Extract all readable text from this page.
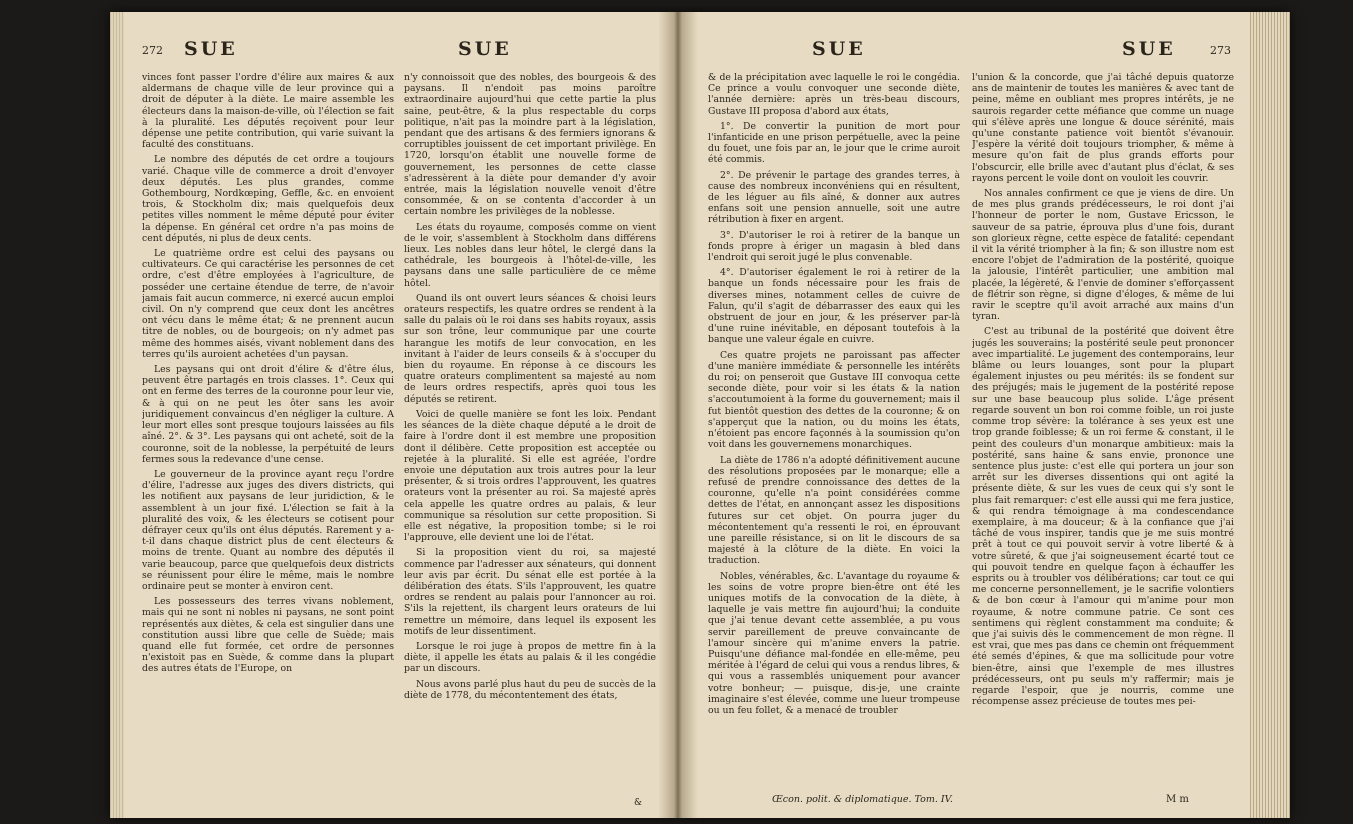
272 SUE	SUE

vinces font passer l'ordre d'élire aux maires & aux aldermans de chaque ville de leur province qui a droit de députer à la diète. Le maire assemble les électeurs dans la maison-de-ville, où l'élection se fait à la pluralité. Les députés reçoivent pour leur dépense une petite contribution, qui varie suivant la faculté des constituans.

Le nombre des députés de cet ordre a toujours varié. Chaque ville de commerce a droit d'envoyer deux députés. Les plus grandes, comme Gothembourg, Nordkœping, Geffle, &c. en envoient trois, & Stockholm dix; mais quelquefois deux petites villes nomment le même député pour éviter la dépense. En général cet ordre n'a pas moins de cent députés, ni plus de deux cents.

Le quatrième ordre est celui des paysans ou cultivateurs. Ce qui caractérise les personnes de cet ordre, c'est d'être employées à l'agriculture, de posséder une certaine étendue de terre, de n'avoir jamais fait aucun commerce, ni exercé aucun emploi civil. On n'y comprend que ceux dont les ancêtres ont vécu dans le même état; & ne prennent aucun titre de nobles, ou de bourgeois; on n'y admet pas même des hommes aisés, vivant noblement dans des terres qu'ils auroient achetées d'un paysan.

Les paysans qui ont droit d'élire & d'être élus, peuvent être partagés en trois classes. 1°. Ceux qui ont en ferme des terres de la couronne pour leur vie, & à qui on ne peut les ôter sans les avoir juridiquement convaincus d'en négliger la culture. A leur mort elles sont presque toujours laissées au fils aîné. 2°. & 3°. Les paysans qui ont acheté, soit de la couronne, soit de la noblesse, la perpétuité de leurs fermes sous la redevance d'une cense.

Le gouverneur de la province ayant reçu l'ordre d'élire, l'adresse aux juges des divers districts, qui les notifient aux paysans de leur juridiction, & le assemblent à un jour fixé. L'élection se fait à la pluralité des voix, & les électeurs se cotisent pour défrayer ceux qu'ils ont élus députés. Rarement y a-t-il dans chaque district plus de cent électeurs & moins de trente. Quant au nombre des députés il varie beaucoup, parce que quelquefois deux districts se réunissent pour élire le même, mais le nombre ordinaire peut se monter à environ cent.

Les possesseurs des terres vivans noblement, mais qui ne sont ni nobles ni paysans, ne sont point représentés aux diètes, & cela est singulier dans une constitution aussi libre que celle de Suède; mais quand elle fut formée, cet ordre de personnes n'existoit pas en Suède, & comme dans la plupart des autres états de l'Europe, on

n'y connoissoit que des nobles, des bourgeois & des paysans. Il n'endoit pas moins paroître extraordinaire aujourd'hui que cette partie la plus saine, peut-être, & la plus respectable du corps politique, n'ait pas la moindre part à la législation, pendant que des artisans & des fermiers ignorans & corruptibles jouissent de cet important privilège. En 1720, lorsqu'on établit une nouvelle forme de gouvernement, les personnes de cette classe s'adressèrent à la diète pour demander d'y avoir entrée, mais la législation nouvelle venoit d'être consommée, & on se contenta d'accorder à un certain nombre les privilèges de la noblesse.

Les états du royaume, composés comme on vient de le voir, s'assemblent à Stockholm dans différens lieux. Les nobles dans leur hôtel, le clergé dans la cathédrale, les bourgeois à l'hôtel-de-ville, les paysans dans une salle particulière de ce même hôtel.

Quand ils ont ouvert leurs séances & choisi leurs orateurs respectifs, les quatre ordres se rendent à la salle du palais où le roi dans ses habits royaux, assis sur son trône, leur communique par une courte harangue les motifs de leur convocation, en les invitant à l'aider de leurs conseils & à s'occuper du bien du royaume. En réponse à ce discours les quatre orateurs complimentent sa majesté au nom de leurs ordres respectifs, après quoi tous les députés se retirent.

Voici de quelle manière se font les loix. Pendant les séances de la diète chaque député a le droit de faire à l'ordre dont il est membre une proposition dont il délibère. Cette proposition est acceptée ou rejetée à la pluralité. Si elle est agréée, l'ordre envoie une députation aux trois autres pour la leur présenter, & si trois ordres l'approuvent, les quatres orateurs vont la présenter au roi. Sa majesté après cela appelle les quatre ordres au palais, & leur communique sa résolution sur cette proposition. Si elle est négative, la proposition tombe; si le roi l'approuve, elle devient une loi de l'état.

Si la proposition vient du roi, sa majesté commence par l'adresser aux sénateurs, qui donnent leur avis par écrit. Du sénat elle est portée à la délibération des états. S'ils l'approuvent, les quatre ordres se rendent au palais pour l'annoncer au roi. S'ils la rejettent, ils chargent leurs orateurs de lui remettre un mémoire, dans lequel ils exposent les motifs de leur dissentiment.

Lorsque le roi juge à propos de mettre fin à la diète, il appelle les états au palais & il les congédie par un discours.

Nous avons parlé plus haut du peu de succès de la diète de 1778, du mécontentement des états,

&
SUE	SUE	273

& de la précipitation avec laquelle le roi le congédia. Ce prince a voulu convoquer une seconde diète, l'année dernière: après un très-beau discours, Gustave III proposa d'abord aux états,

1°. De convertir la punition de mort pour l'infanticide en une prison perpétuelle, avec la peine du fouet, une fois par an, le jour que le crime auroit été commis.

2°. De prévenir le partage des grandes terres, à cause des nombreux inconvéniens qui en résultent, de les léguer au fils aîné, & donner aux autres enfans soit une pension annuelle, soit une autre rétribution à fixer en argent.

3°. D'autoriser le roi à retirer de la banque un fonds propre à ériger un magasin à bled dans l'endroit qui seroit jugé le plus convenable.

4°. D'autoriser également le roi à retirer de la banque un fonds nécessaire pour les frais de diverses mines, notamment celles de cuivre de Falun, qu'il s'agit de débarrasser des eaux qui les obstruent de jour en jour, & les préserver par-là d'une ruine inévitable, en déposant toutefois à la banque une valeur égale en cuivre.

Ces quatre projets ne paroissant pas affecter d'une manière immédiate & personnelle les intérêts du roi; on penseroit que Gustave III convoqua cette seconde diète, pour voir si les états & la nation s'accoutumoient à la forme du gouvernement; mais il fut bientôt question des dettes de la couronne; & on s'apperçut que la nation, ou du moins les états, n'étoient pas encore façonnés à la soumission qu'on voit dans les gouvernemens monarchiques.

La diète de 1786 n'a adopté définitivement aucune des résolutions proposées par le monarque; elle a refusé de prendre connoissance des dettes de la couronne, qu'elle n'a point considérées comme dettes de l'état, en annonçant assez les dispositions futures sur cet objet. On pourra juger du mécontentement qu'a ressenti le roi, en éprouvant une pareille résistance, si on lit le discours de sa majesté à la clôture de la diète. En voici la traduction.

Nobles, vénérables, &c. L'avantage du royaume & les soins de votre propre bien-être ont été les uniques motifs de la convocation de la diète, à laquelle je vais mettre fin aujourd'hui; la conduite que j'ai tenue devant cette assemblée, a pu vous servir pareillement de preuve convaincante de l'amour sincère qui m'anime envers la patrie. Puisqu'une défiance mal-fondée en elle-même, peu méritée à l'égard de celui qui vous a rendus libres, & qui vous a rassemblés uniquement pour avancer votre bonheur; — puisque, dis-je, une crainte imaginaire s'est élevée, comme une lueur trompeuse ou un feu follet, & a menacé de troubler

l'union & la concorde, que j'ai tâché depuis quatorze ans de maintenir de toutes les manières & avec tant de peine, même en oubliant mes propres intérêts, je ne saurois regarder cette méfiance que comme un nuage qui s'élève après une longue & douce sérénité, mais qu'une constante patience voit bientôt s'évanouir. J'espère la vérité doit toujours triompher, & même à mesure qu'on fait de plus grands efforts pour l'obscurcir, elle brille avec d'autant plus d'éclat, & ses rayons percent le voile dont on vouloit les couvrir.

Nos annales confirment ce que je viens de dire. Un de mes plus grands prédécesseurs, le roi dont j'ai l'honneur de porter le nom, Gustave Ericsson, le sauveur de sa patrie, éprouva plus d'une fois, durant son glorieux règne, cette espèce de fatalité: cependant il vit la vérité triompher à la fin; & son illustre nom est encore l'objet de l'admiration de la postérité, quoique la jalousie, l'intérêt particulier, une ambition mal placée, la légèreté, & l'envie de dominer s'efforçassent de flétrir son règne, si digne d'éloges, & même de lui ravir le sceptre qu'il avoit arraché aux mains d'un tyran.

C'est au tribunal de la postérité que doivent être jugés les souverains; la postérité seule peut prononcer avec impartialité. Le jugement des contemporains, leur blâme ou leurs louanges, sont pour la plupart également injustes ou peu mérités: ils se fondent sur des préjugés; mais le jugement de la postérité repose sur une base beaucoup plus solide. L'âge présent regarde souvent un bon roi comme foible, un roi juste comme trop sévère: la tolérance à ses yeux est une trop grande foiblesse; & un roi ferme & constant, il le peint des couleurs d'un monarque ambitieux: mais la postérité, sans haine & sans envie, prononce une sentence plus juste: c'est elle qui portera un jour son arrêt sur les diverses dissentions qui ont agité la présente diète, & sur les vues de ceux qui s'y sont le plus fait remarquer: c'est elle aussi qui me fera justice, & qui rendra témoignage à ma condescendance exemplaire, à ma douceur; & à la confiance que j'ai tâché de vous inspirer, tandis que je me suis montré prêt à tout ce qui pouvoit servir à votre liberté & à votre sûreté, & que j'ai soigneusement écarté tout ce qui pouvoit tendre en quelque façon à échauffer les esprits ou à troubler vos délibérations; car tout ce qui me concerne personnellement, je le sacrifie volontiers & de bon cœur à l'amour qui m'anime pour mon royaume, & notre commune patrie. Ce sont ces sentimens qui règlent constamment ma conduite; & que j'ai suivis dès le commencement de mon règne. Il est vrai, que mes pas dans ce chemin ont fréquemment été semés d'épines, & que ma sollicitude pour votre bien-être, ainsi que l'exemple de mes illustres prédécesseurs, ont pu seuls m'y raffermir; mais je regarde l'espoir, que je nourris, comme une récompense assez précieuse de toutes mes pei-

Œcon. polit. & diplomatique. Tom. IV.	M m
